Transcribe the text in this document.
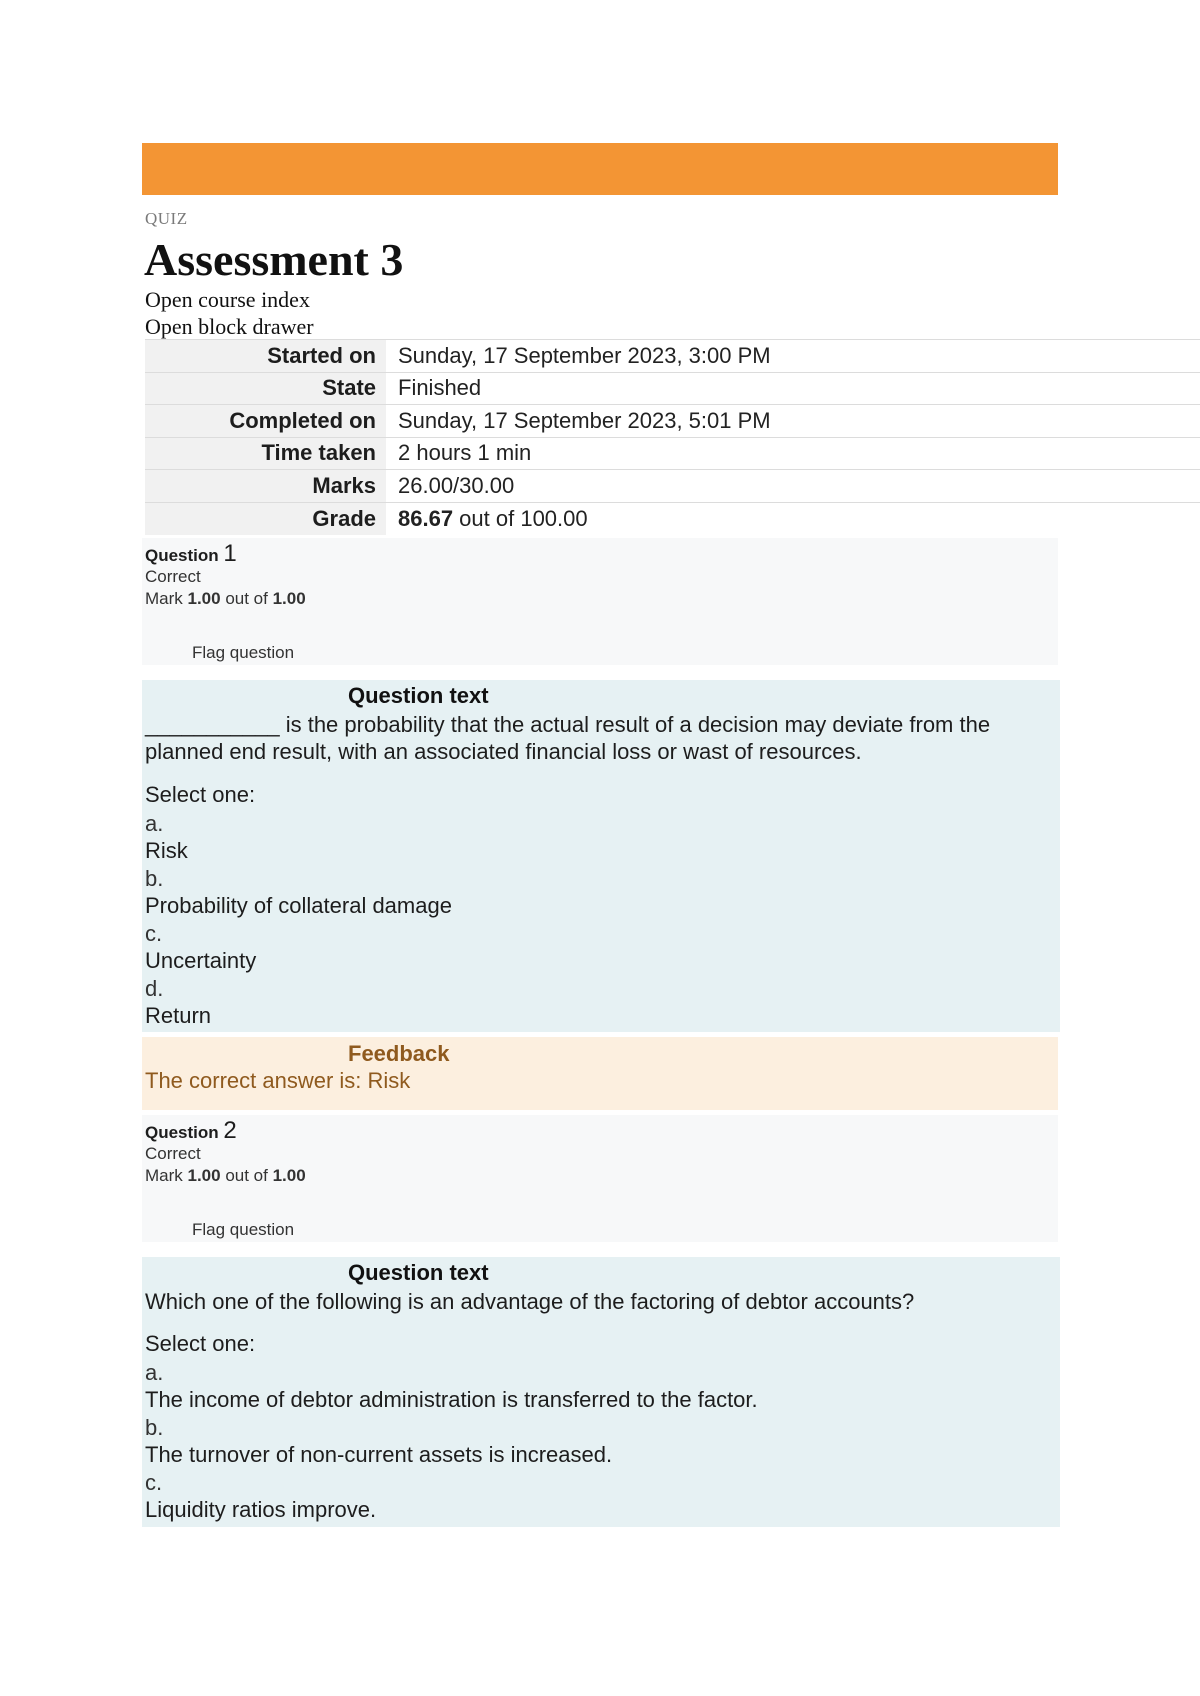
QUIZ
Assessment 3
Open course index
Open block drawer
Started on	Sunday, 17 September 2023, 3:00 PM
State	Finished
Completed on	Sunday, 17 September 2023, 5:01 PM
Time taken	2 hours 1 min
Marks	26.00/30.00
Grade	86.67 out of 100.00
Question 1
Correct
Mark 1.00 out of 1.00
Flag question
Question text
___________ is the probability that the actual result of a decision may deviate from the planned end result, with an associated financial loss or wast of resources.
Select one:
a.
Risk
b.
Probability of collateral damage
c.
Uncertainty
d.
Return
Feedback
The correct answer is: Risk
Question 2
Correct
Mark 1.00 out of 1.00
Flag question
Question text
Which one of the following is an advantage of the factoring of debtor accounts?
Select one:
a.
The income of debtor administration is transferred to the factor.
b.
The turnover of non-current assets is increased.
c.
Liquidity ratios improve.
